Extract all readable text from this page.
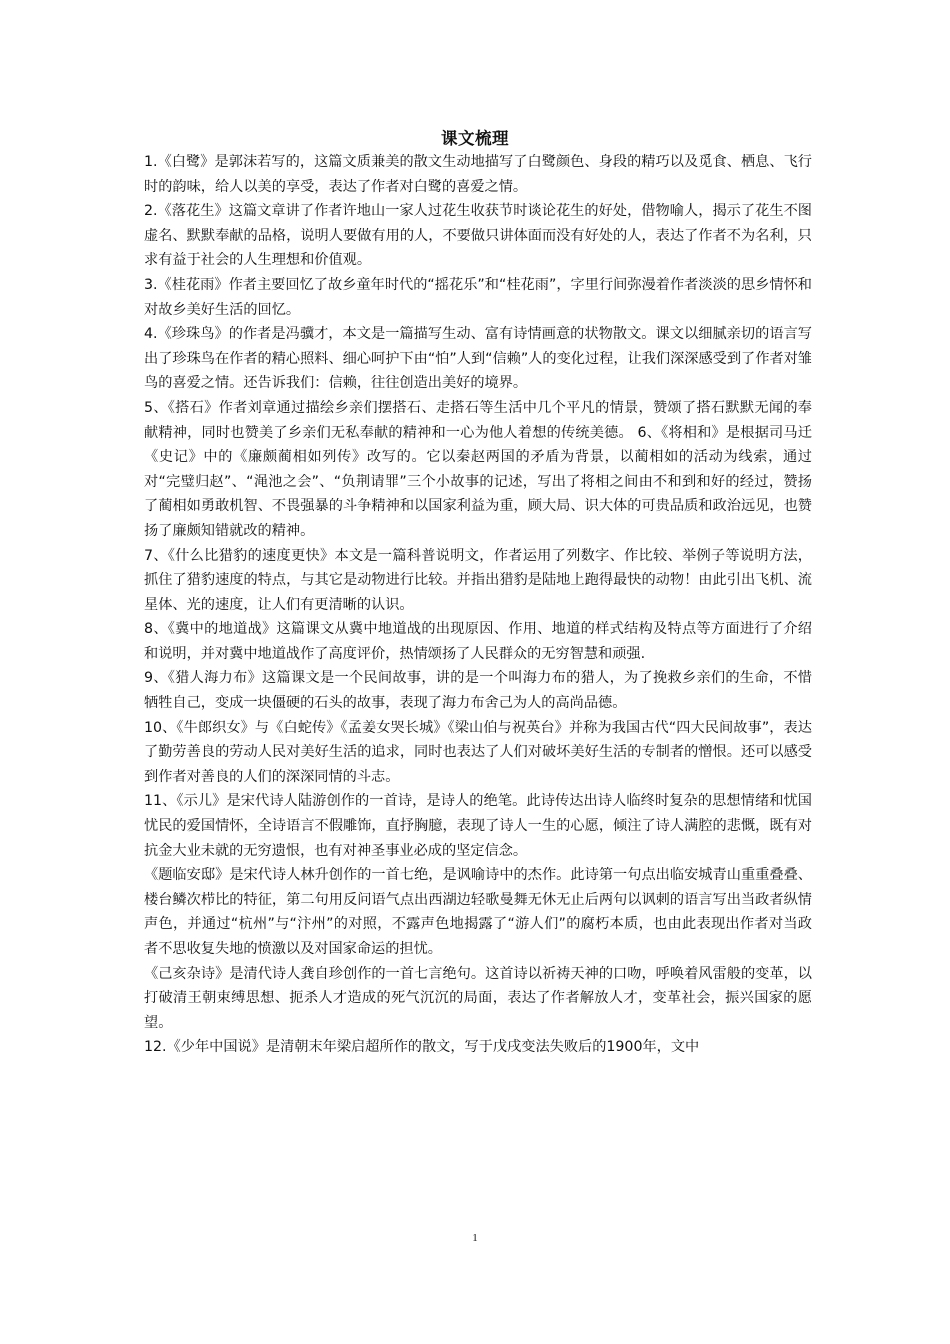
课文梳理

1.《白鹭》是郭沫若写的，这篇文质兼美的散文生动地描写了白鹭颜色、身段的精巧以及觅食、栖息、飞行时的韵味，给人以美的享受，表达了作者对白鹭的喜爱之情。

2.《落花生》这篇文章讲了作者许地山一家人过花生收获节时谈论花生的好处，借物喻人，揭示了花生不图虚名、默默奉献的品格，说明人要做有用的人，不要做只讲体面而没有好处的人，表达了作者不为名利，只求有益于社会的人生理想和价值观。

3.《桂花雨》作者主要回忆了故乡童年时代的“摇花乐”和“桂花雨”，字里行间弥漫着作者淡淡的思乡情怀和对故乡美好生活的回忆。

4.《珍珠鸟》的作者是冯骥才，本文是一篇描写生动、富有诗情画意的状物散文。课文以细腻亲切的语言写出了珍珠鸟在作者的精心照料、细心呵护下由“怕”人到“信赖”人的变化过程，让我们深深感受到了作者对雏鸟的喜爱之情。还告诉我们：信赖，往往创造出美好的境界。

5、《搭石》作者刘章通过描绘乡亲们摆搭石、走搭石等生活中几个平凡的情景，赞颂了搭石默默无闻的奉献精神，同时也赞美了乡亲们无私奉献的精神和一心为他人着想的传统美德。 6、《将相和》是根据司马迁《史记》中的《廉颇蔺相如列传》改写的。它以秦赵两国的矛盾为背景，以蔺相如的活动为线索，通过对“完璧归赵”、“渑池之会”、“负荆请罪”三个小故事的记述，写出了将相之间由不和到和好的经过，赞扬了蔺相如勇敢机智、不畏强暴的斗争精神和以国家利益为重，顾大局、识大体的可贵品质和政治远见，也赞扬了廉颇知错就改的精神。

7、《什么比猎豹的速度更快》本文是一篇科普说明文，作者运用了列数字、作比较、举例子等说明方法，抓住了猎豹速度的特点，与其它是动物进行比较。并指出猎豹是陆地上跑得最快的动物！由此引出飞机、流星体、光的速度，让人们有更清晰的认识。

8、《冀中的地道战》这篇课文从冀中地道战的出现原因、作用、地道的样式结构及特点等方面进行了介绍和说明，并对冀中地道战作了高度评价，热情颂扬了人民群众的无穷智慧和顽强.

9、《猎人海力布》这篇课文是一个民间故事，讲的是一个叫海力布的猎人，为了挽救乡亲们的生命，不惜牺牲自己，变成一块僵硬的石头的故事，表现了海力布舍己为人的高尚品德。

10、《牛郎织女》与《白蛇传》《孟姜女哭长城》《梁山伯与祝英台》并称为我国古代“四大民间故事”，表达了勤劳善良的劳动人民对美好生活的追求，同时也表达了人们对破坏美好生活的专制者的憎恨。还可以感受到作者对善良的人们的深深同情的斗志。

11、《示儿》是宋代诗人陆游创作的一首诗，是诗人的绝笔。此诗传达出诗人临终时复杂的思想情绪和忧国忧民的爱国情怀，全诗语言不假雕饰，直抒胸臆，表现了诗人一生的心愿，倾注了诗人满腔的悲慨，既有对抗金大业未就的无穷遗恨，也有对神圣事业必成的坚定信念。

《题临安邸》是宋代诗人林升创作的一首七绝，是讽喻诗中的杰作。此诗第一句点出临安城青山重重叠叠、楼台鳞次栉比的特征，第二句用反问语气点出西湖边轻歌曼舞无休无止后两句以讽刺的语言写出当政者纵情声色，并通过“杭州”与“汴州”的对照，不露声色地揭露了“游人们”的腐朽本质，也由此表现出作者对当政者不思收复失地的愤激以及对国家命运的担忧。

《己亥杂诗》是清代诗人龚自珍创作的一首七言绝句。这首诗以祈祷天神的口吻，呼唤着风雷般的变革，以打破清王朝束缚思想、扼杀人才造成的死气沉沉的局面，表达了作者解放人才，变革社会，振兴国家的愿望。

12.《少年中国说》是清朝末年梁启超所作的散文，写于戊戌变法失败后的1900年，文中

1
